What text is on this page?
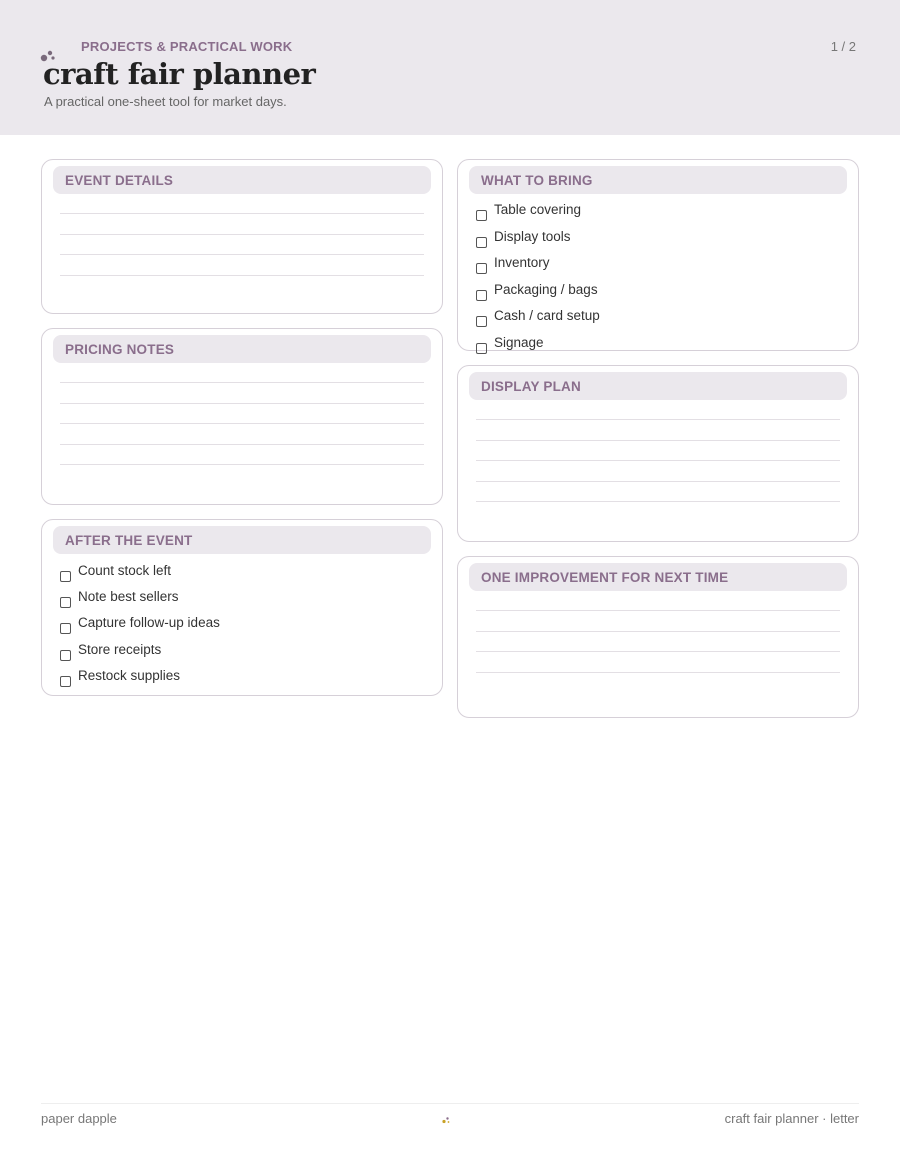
PROJECTS & PRACTICAL WORK	1 / 2
craft fair planner
A practical one-sheet tool for market days.
EVENT DETAILS
PRICING NOTES
AFTER THE EVENT
Count stock left
Note best sellers
Capture follow-up ideas
Store receipts
Restock supplies
WHAT TO BRING
Table covering
Display tools
Inventory
Packaging / bags
Cash / card setup
Signage
DISPLAY PLAN
ONE IMPROVEMENT FOR NEXT TIME
paper dapple	craft fair planner · letter
